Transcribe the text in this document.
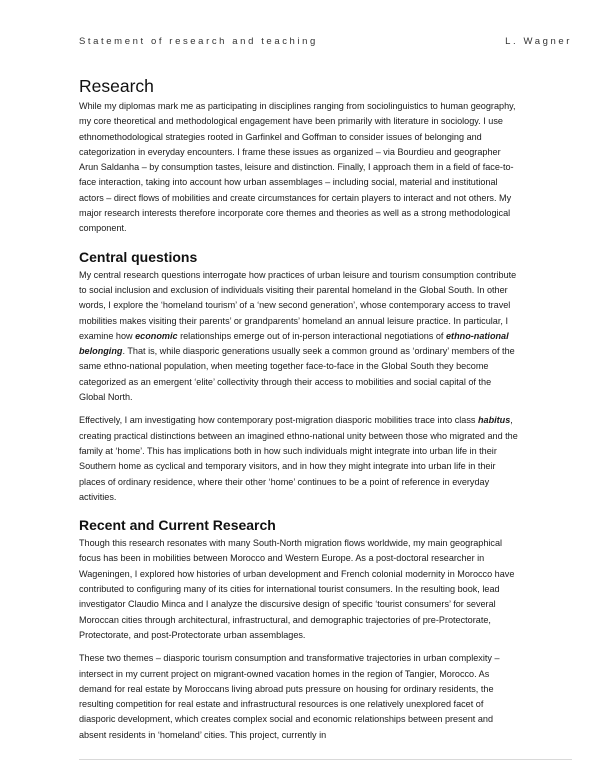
Statement of research and teaching	L. Wagner
Research

While my diplomas mark me as participating in disciplines ranging from sociolinguistics to human geography, my core theoretical and methodological engagement have been primarily with literature in sociology. I use ethnomethodological strategies rooted in Garfinkel and Goffman to consider issues of belonging and categorization in everyday encounters. I frame these issues as organized – via Bourdieu and geographer Arun Saldanha – by consumption tastes, leisure and distinction. Finally, I approach them in a field of face-to-face interaction, taking into account how urban assemblages – including social, material and institutional actors – direct flows of mobilities and create circumstances for certain players to interact and not others. My major research interests therefore incorporate core themes and theories as well as a strong methodological component.

Central questions

My central research questions interrogate how practices of urban leisure and tourism consumption contribute to social inclusion and exclusion of individuals visiting their parental homeland in the Global South. In other words, I explore the ‘homeland tourism’ of a ‘new second generation’, whose contemporary access to travel mobilities makes visiting their parents’ or grandparents’ homeland an annual leisure practice. In particular, I examine how economic relationships emerge out of in-person interactional negotiations of ethno-national belonging. That is, while diasporic generations usually seek a common ground as ‘ordinary’ members of the same ethno-national population, when meeting together face-to-face in the Global South they become categorized as an emergent ‘elite’ collectivity through their access to mobilities and social capital of the Global North.

Effectively, I am investigating how contemporary post-migration diasporic mobilities trace into class habitus, creating practical distinctions between an imagined ethno-national unity between those who migrated and the family at ‘home’. This has implications both in how such individuals might integrate into urban life in their Southern home as cyclical and temporary visitors, and in how they might integrate into urban life in their places of ordinary residence, where their other ‘home’ continues to be a point of reference in everyday activities.

Recent and Current Research

Though this research resonates with many South-North migration flows worldwide, my main geographical focus has been in mobilities between Morocco and Western Europe. As a post-doctoral researcher in Wageningen, I explored how histories of urban development and French colonial modernity in Morocco have contributed to configuring many of its cities for international tourist consumers. In the resulting book, lead investigator Claudio Minca and I analyze the discursive design of specific ‘tourist consumers’ for several Moroccan cities through architectural, infrastructural, and demographic trajectories of pre-Protectorate, Protectorate, and post-Protectorate urban assemblages.

These two themes – diasporic tourism consumption and transformative trajectories in urban complexity – intersect in my current project on migrant-owned vacation homes in the region of Tangier, Morocco. As demand for real estate by Moroccans living abroad puts pressure on housing for ordinary residents, the resulting competition for real estate and infrastructural resources is one relatively unexplored facet of diasporic development, which creates complex social and economic relationships between present and absent residents in ‘homeland’ cities. This project, currently in
